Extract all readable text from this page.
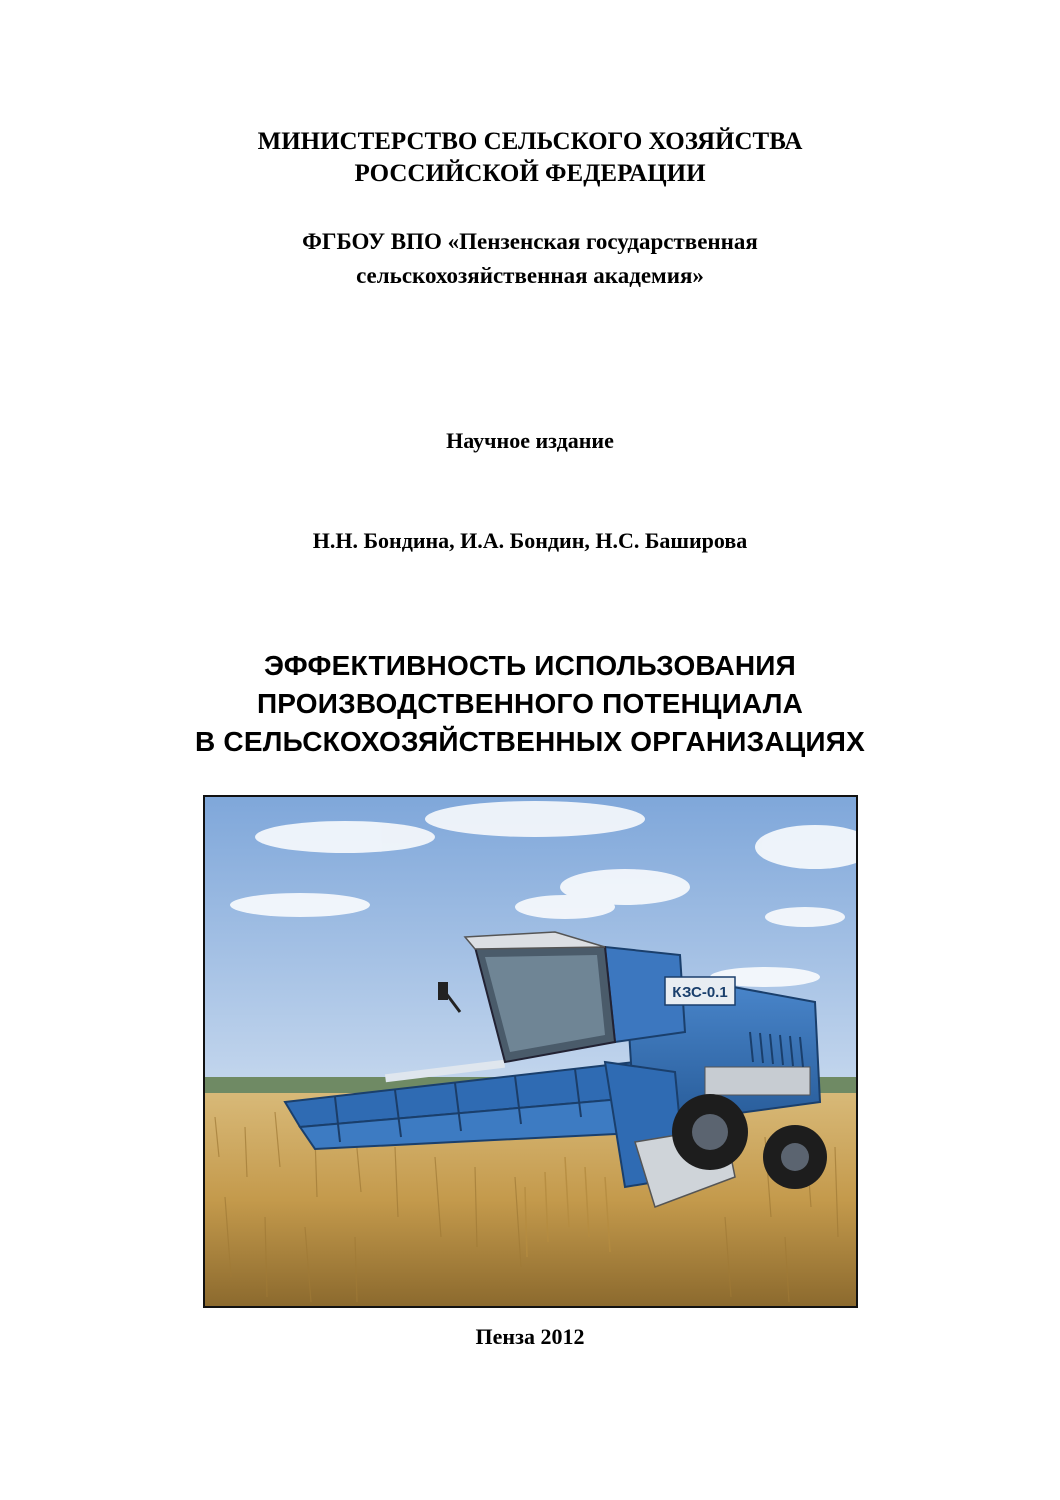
МИНИСТЕРСТВО СЕЛЬСКОГО ХОЗЯЙСТВА
РОССИЙСКОЙ ФЕДЕРАЦИИ
ФГБОУ ВПО «Пензенская государственная
сельскохозяйственная академия»
Научное издание
Н.Н. Бондина, И.А. Бондин, Н.С. Баширова
ЭФФЕКТИВНОСТЬ ИСПОЛЬЗОВАНИЯ
ПРОИЗВОДСТВЕННОГО ПОТЕНЦИАЛА
В СЕЛЬСКОХОЗЯЙСТВЕННЫХ ОРГАНИЗАЦИЯХ
КЗС-0.1
Пенза 2012
